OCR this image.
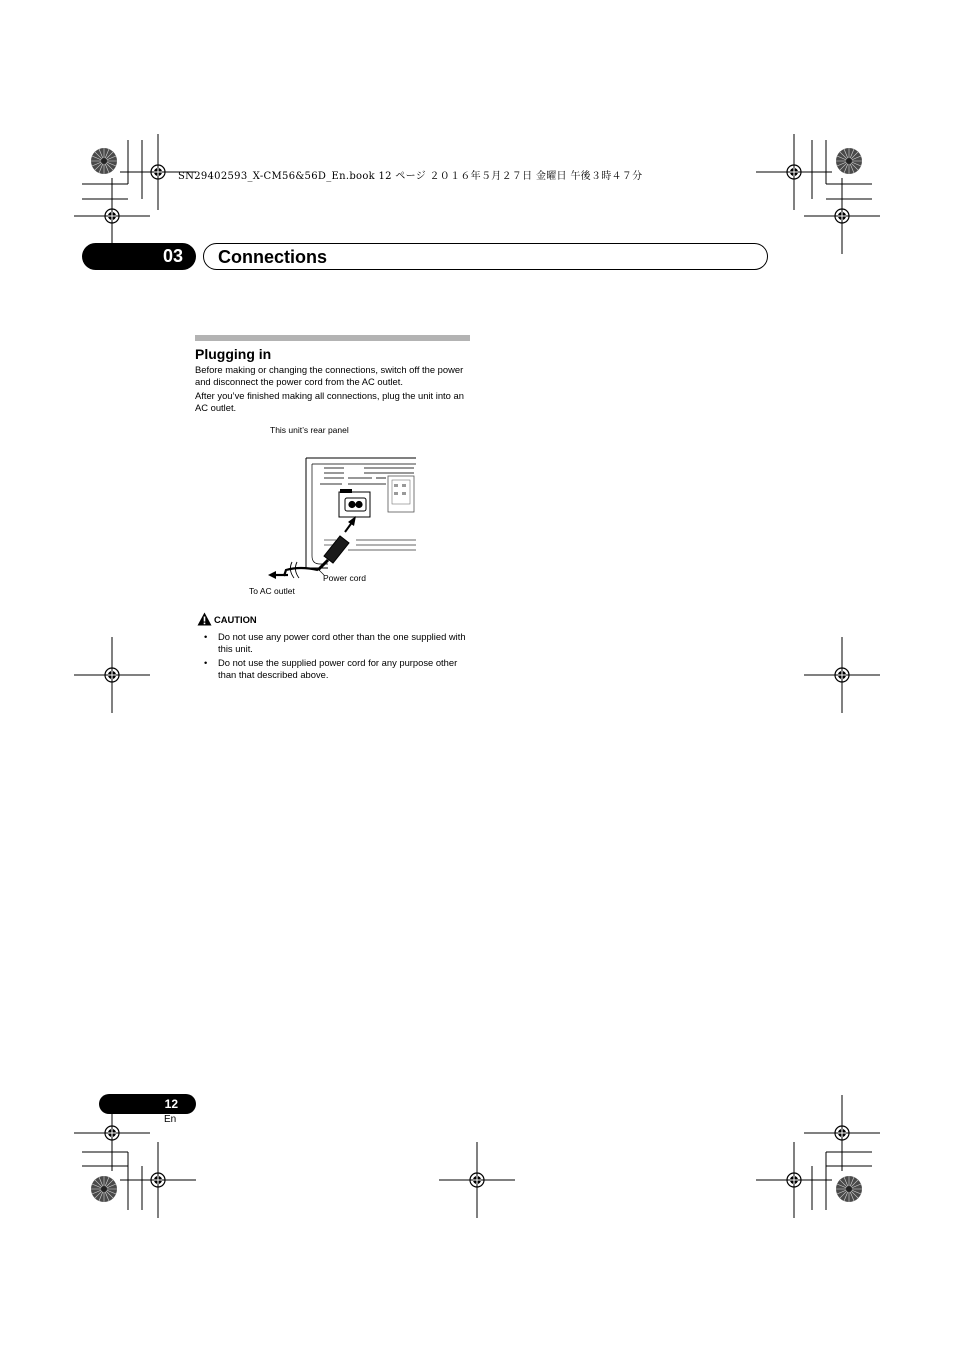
SN29402593_X-CM56&56D_En.book 12 ページ ２０１６年５月２７日 金曜日 午後３時４７分
03	Connections
Plugging in
Before making or changing the connections, switch off the power and disconnect the power cord from the AC outlet.
After you’ve finished making all connections, plug the unit into an AC outlet.
This unit’s rear panel
Power cord
To AC outlet
CAUTION
• Do not use any power cord other than the one supplied with this unit.
• Do not use the supplied power cord for any purpose other than that described above.
12
En
